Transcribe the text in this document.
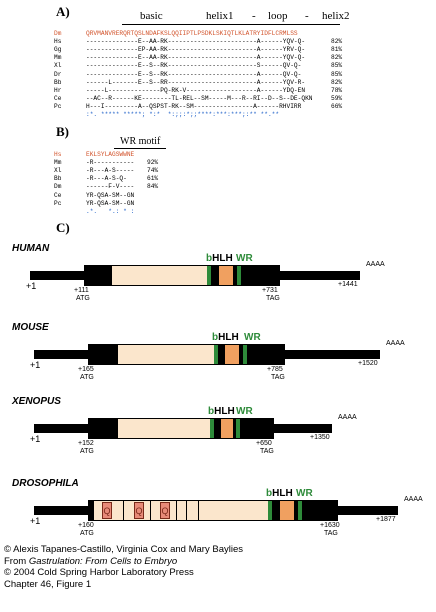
A)	basic	helix1 - loop - helix2
Dm	QRVMANVRERQRTQSLNDAFKSLQQIIPTLPSDKLSKIQTLKLATRYIDFLCRMLSS
Hs	--------------E--AA-RK------------------------A------YQV-Q-	82%
Gg	--------------EP-AA-RK------------------------A------YRV-Q-	81%
Mm	--------------E--AA-RK------------------------A------YQV-Q-	82%
Xl	--------------E--S--RK------------------------S------QV-Q-	85%
Dr	--------------E--S--RK------------------------A------QV-Q-	85%
Bb	------L-------E--S--RR------------------------A------YQV-R-	82%
Hr	-----L--------------PQ-RK-V-------------------A------YDQ-EN	78%
Ce	--AC--R------KE--------TL-REL--SM-----M---R--RI--D--S--DE-QKN	59%
Pc	H---I---------A--QSPST-RK--SM----------------A------RHVIRR	66%
:*. ***** *****; *:*  *:;;:*;;****:***:***;:** **.**
B)
WR motif
Hs	EKLSYLAGSWWNE
Mm	-R----------- 92%
Xl	-R---A-S----- 74%
Bb	-R---A-S-Q-	61%
Dm	------F-V---- 84%
Ce	YR-QSA-SM--GN
Pc	YR-QSA-SM--GN
.*.   *.: * :
C)
HUMAN
bHLH WR
+1	+111
ATG
+731
TAG
+1441
AAAA
MOUSE
bHLH WR
+1	+165
ATG
+785
TAG
+1520
AAAA
XENOPUS
bHLH WR
+1	+152
ATG
+650
TAG
+1350
AAAA
DROSOPHILA
Q	Q Q
bHLH WR
+1	+160
ATG
+1630
TAG
+1877
AAAA
© Alexis Tapanes-Castillo, Virginia Cox and Mary Baylies
From Gastrulation: From Cells to Embryo
© 2004 Cold Spring Harbor Laboratory Press
Chapter 46, Figure 1
